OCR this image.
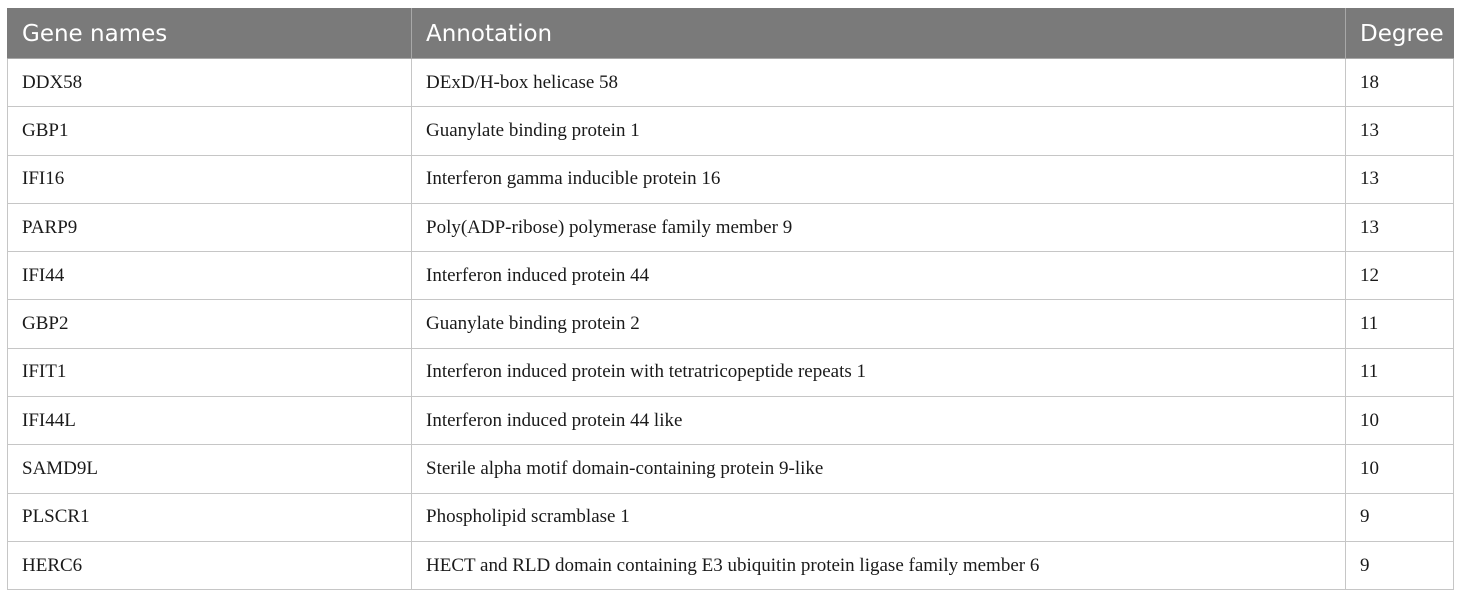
Gene names	Annotation	Degree
DDX58	DExD/H-box helicase 58	18
GBP1	Guanylate binding protein 1	13
IFI16	Interferon gamma inducible protein 16	13
PARP9	Poly(ADP-ribose) polymerase family member 9	13
IFI44	Interferon induced protein 44	12
GBP2	Guanylate binding protein 2	11
IFIT1	Interferon induced protein with tetratricopeptide repeats 1	11
IFI44L	Interferon induced protein 44 like	10
SAMD9L	Sterile alpha motif domain-containing protein 9-like	10
PLSCR1	Phospholipid scramblase 1	9
HERC6	HECT and RLD domain containing E3 ubiquitin protein ligase family member 6	9
